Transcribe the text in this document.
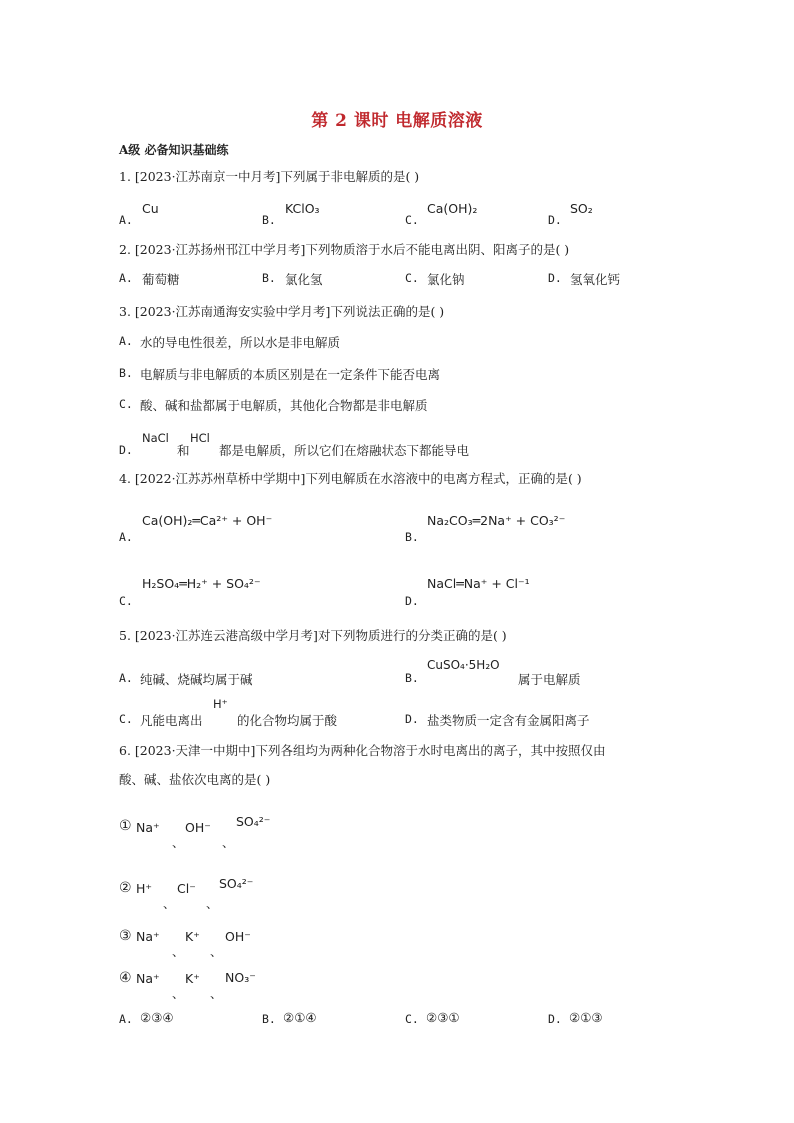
第 2 课时 电解质溶液
A级 必备知识基础练
1. [2023·江苏南京一中月考]下列属于非电解质的是( )
A.
Cu
B.
KClO₃
C.
Ca(OH)₂
D.
SO₂
2. [2023·江苏扬州邗江中学月考]下列物质溶于水后不能电离出阴、阳离子的是( )
A. 葡萄糖	B. 氯化氢	C. 氯化钠	D. 氢氧化钙
3. [2023·江苏南通海安实验中学月考]下列说法正确的是( )
A. 水的导电性很差，所以水是非电解质
B. 电解质与非电解质的本质区别是在一定条件下能否电离
C. 酸、碱和盐都属于电解质，其他化合物都是非电解质
D.
NaCl
和
HCl
都是电解质，所以它们在熔融状态下都能导电
4. [2022·江苏苏州草桥中学期中]下列电解质在水溶液中的电离方程式，正确的是( )
A.
Ca(OH)₂═Ca²⁺ + OH⁻
B.
Na₂CO₃═2Na⁺ + CO₃²⁻
C.
H₂SO₄═H₂⁺ + SO₄²⁻
D.
NaCl═Na⁺ + Cl⁻¹
5. [2023·江苏连云港高级中学月考]对下列物质进行的分类正确的是( )
A. 纯碱、烧碱均属于碱	B.
CuSO₄·5H₂O
属于电解质
C. 凡能电离出
H⁺
的化合物均属于酸	D. 盐类物质一定含有金属阳离子
6. [2023·天津一中期中]下列各组均为两种化合物溶于水时电离出的离子，其中按照仅由
酸、碱、盐依次电离的是( )
① Na⁺
、
OH⁻
、
SO₄²⁻
② H⁺
、
Cl⁻
、
SO₄²⁻
③ Na⁺
、
K⁺
、
OH⁻
④ Na⁺
、
K⁺
、
NO₃⁻
A. ②③④	B. ②①④	C. ②③①	D. ②①③
